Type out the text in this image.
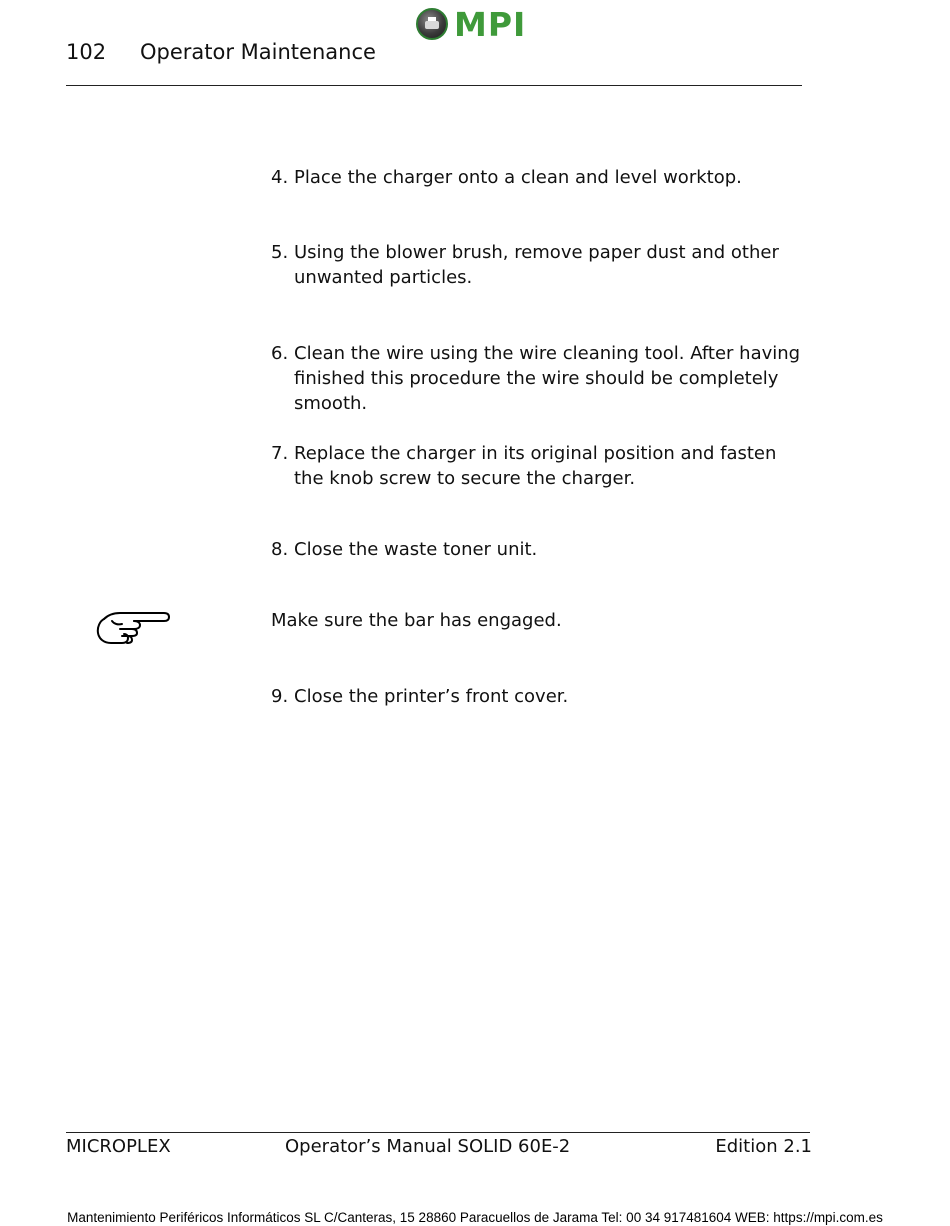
MPI
102 Operator Maintenance
4. Place the charger onto a clean and level worktop.
5. Using the blower brush, remove paper dust and other
unwanted particles.
6. Clean the wire using the wire cleaning tool. After having
finished this procedure the wire should be completely smooth.
7. Replace the charger in its original position and fasten
the knob screw to secure the charger.
8. Close the waste toner unit.
Make sure the bar has engaged.
9. Close the printer’s front cover.
MICROPLEX	Operator’s Manual SOLID 60E-2	Edition 2.1
Mantenimiento Periféricos Informáticos SL C/Canteras, 15 28860 Paracuellos de Jarama Tel: 00 34 917481604 WEB: https://mpi.com.es
